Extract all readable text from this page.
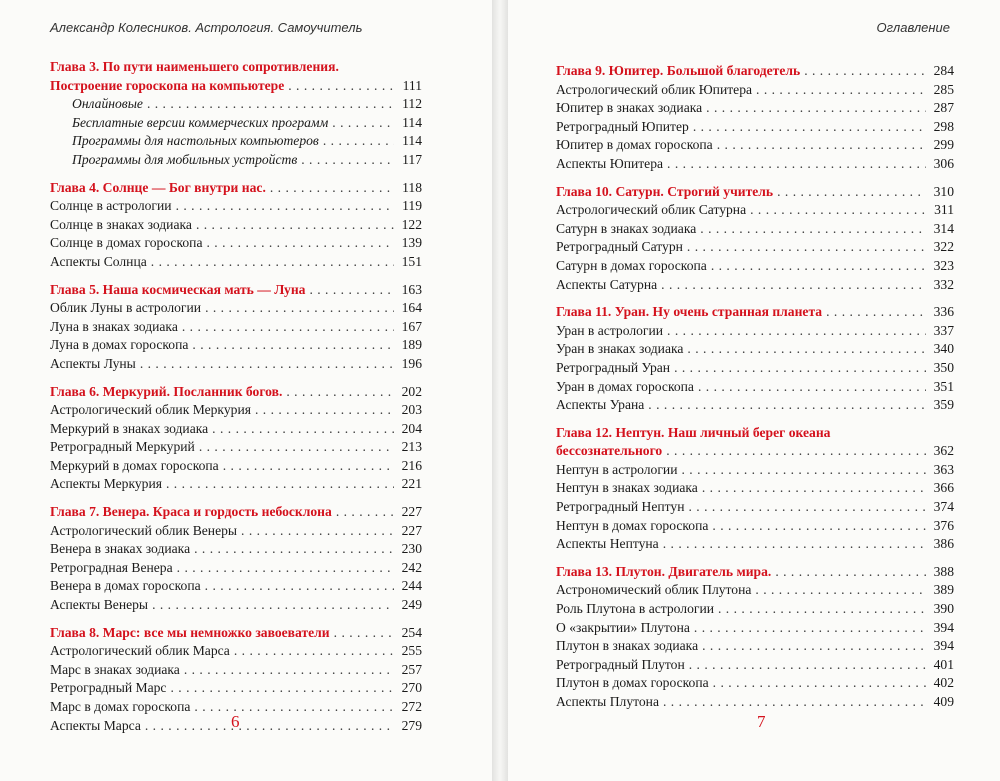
Александр Колесников. Астрология. Самоучитель
Глава 3. По пути наименьшего сопротивления.
Построение гороскопа на компьютере . . .	111
Онлайновые . . .	112
Бесплатные версии коммерческих программ . . .	114
Программы для настольных компьютеров . . .	114
Программы для мобильных устройств . . .	117
Глава 4. Солнце — Бог внутри нас. . . .	118
Солнце в астрологии . . .	119
Солнце в знаках зодиака . . .	122
Солнце в домах гороскопа . . .	139
Аспекты Солнца . . .	151
Глава 5. Наша космическая мать — Луна . . .	163
Облик Луны в астрологии . . .	164
Луна в знаках зодиака . . .	167
Луна в домах гороскопа . . .	189
Аспекты Луны . . .	196
Глава 6. Меркурий. Посланник богов. . . .	202
Астрологический облик Меркурия . . .	203
Меркурий в знаках зодиака . . .	204
Ретроградный Меркурий . . .	213
Меркурий в домах гороскопа . . .	216
Аспекты Меркурия . . .	221
Глава 7. Венера. Краса и гордость небосклона . . .	227
Астрологический облик Венеры . . .	227
Венера в знаках зодиака . . .	230
Ретроградная Венера . . .	242
Венера в домах гороскопа . . .	244
Аспекты Венеры . . .	249
Глава 8. Марс: все мы немножко завоеватели . . .	254
Астрологический облик Марса . . .	255
Марс в знаках зодиака . . .	257
Ретроградный Марс . . .	270
Марс в домах гороскопа . . .	272
Аспекты Марса . . .	279
6
Оглавление
Глава 9. Юпитер. Большой благодетель . . .	284
Астрологический облик Юпитера . . .	285
Юпитер в знаках зодиака . . .	287
Ретроградный Юпитер . . .	298
Юпитер в домах гороскопа . . .	299
Аспекты Юпитера . . .	306
Глава 10. Сатурн. Строгий учитель . . .	310
Астрологический облик Сатурна . . .	311
Сатурн в знаках зодиака . . .	314
Ретроградный Сатурн . . .	322
Сатурн в домах гороскопа . . .	323
Аспекты Сатурна . . .	332
Глава 11. Уран. Ну очень странная планета . . .	336
Уран в астрологии . . .	337
Уран в знаках зодиака . . .	340
Ретроградный Уран . . .	350
Уран в домах гороскопа . . .	351
Аспекты Урана . . .	359
Глава 12. Нептун. Наш личный берег океана
бессознательного . . .	362
Нептун в астрологии . . .	363
Нептун в знаках зодиака . . .	366
Ретроградный Нептун . . .	374
Нептун в домах гороскопа . . .	376
Аспекты Нептуна . . .	386
Глава 13. Плутон. Двигатель мира. . . .	388
Астрономический облик Плутона . . .	389
Роль Плутона в астрологии . . .	390
О «закрытии» Плутона . . .	394
Плутон в знаках зодиака . . .	394
Ретроградный Плутон . . .	401
Плутон в домах гороскопа . . .	402
Аспекты Плутона . . .	409
7
